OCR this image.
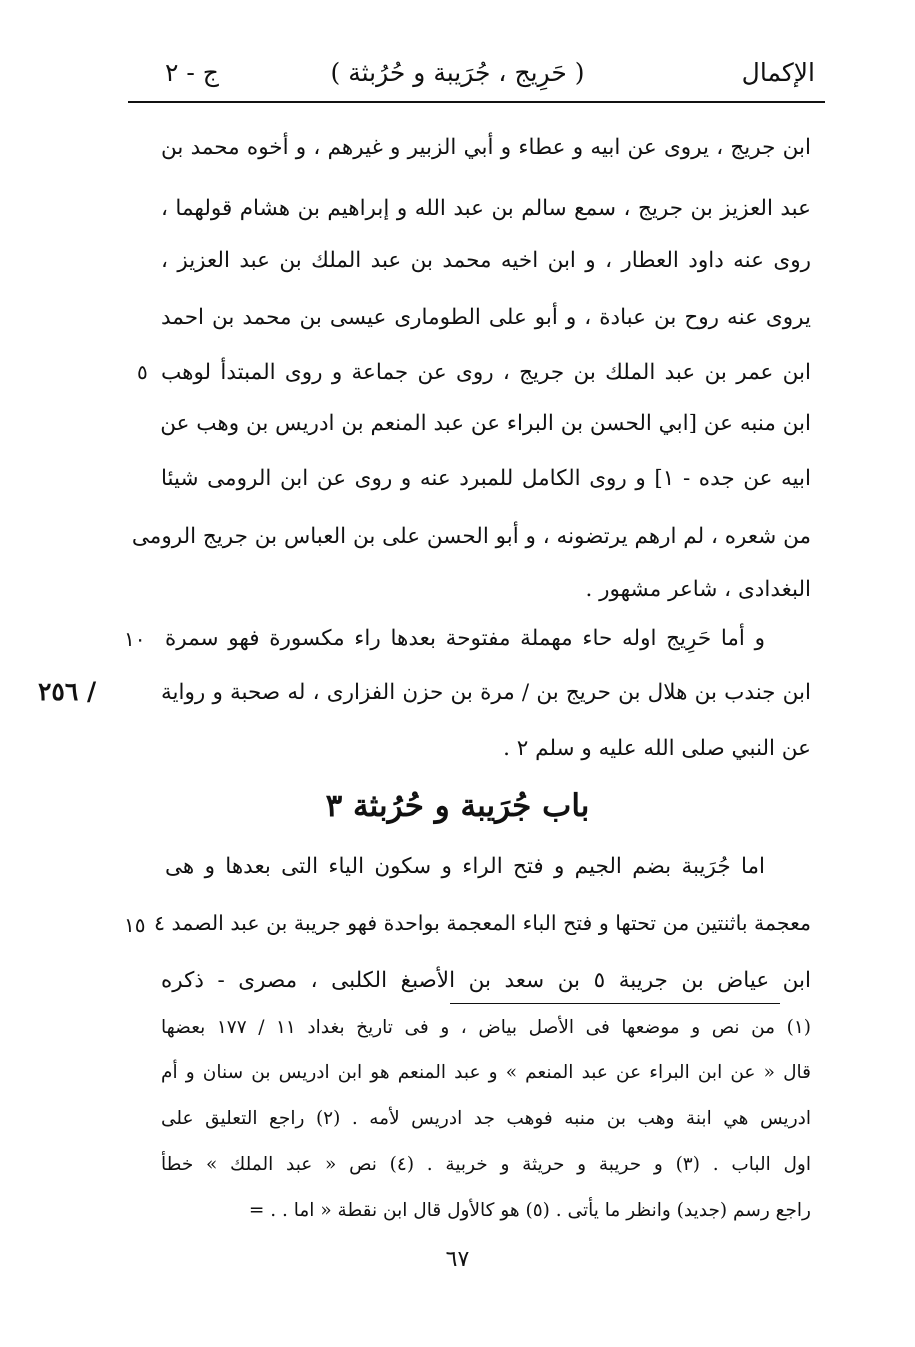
الإكمال
( حَرِيج ، جُرَيبة و حُرُبثة )
ج - ٢
ابن جريج ، يروى عن ابيه و عطاء و أبي الزبير و غيرهم ، و أخوه محمد بن
عبد العزيز بن جريج ، سمع سالم بن عبد الله و إبراهيم بن هشام قولهما ،
روى عنه داود العطار ، و ابن اخيه محمد بن عبد الملك بن عبد العزيز ،
يروى عنه روح بن عبادة ، و أبو على الطومارى عيسى بن محمد بن احمد
ابن عمر بن عبد الملك بن جريج ، روى عن جماعة و روى المبتدأ لوهب
ابن منبه عن [ابي الحسن بن البراء عن عبد المنعم بن ادريس بن وهب عن
ابيه عن جده - ١] و روى الكامل للمبرد عنه و روى عن ابن الرومى شيئا
من شعره ، لم ارهم يرتضونه ، و أبو الحسن على بن العباس بن جريج الرومى
البغدادى ، شاعر مشهور .
و أما حَرِيج اوله حاء مهملة مفتوحة بعدها راء مكسورة فهو سمرة
ابن جندب بن هلال بن حريج بن / مرة بن حزن الفزارى ، له صحبة و رواية
عن النبي صلى الله عليه و سلم ٢ .
باب جُرَيبة و حُرُبثة ٣
اما جُرَيبة بضم الجيم و فتح الراء و سكون الياء التى بعدها و هى
معجمة باثنتين من تحتها و فتح الباء المعجمة بواحدة فهو جريبة بن عبد الصمد ٤
ابن عياض بن جريبة ٥ بن سعد بن الأصبغ الكلبى ، مصرى - ذكره
٥
١٠
١٥
/ ٢٥٦
(١) من نص و موضعها فى الأصل بياض ، و فى تاريخ بغداد ١١ / ١٧٧ بعضها
قال « عن ابن البراء عن عبد المنعم » و عبد المنعم هو ابن ادريس بن سنان و أم
ادريس هي ابنة وهب بن منبه فوهب جد ادريس لأمه . (٢) راجع التعليق على
اول الباب . (٣) و حريبة و حريثة و خربية . (٤) نص « عبد الملك » خطأ
راجع رسم (جديد) وانظر ما يأتى . (٥) هو كالأول قال ابن نقطة « اما . . =
٦٧
